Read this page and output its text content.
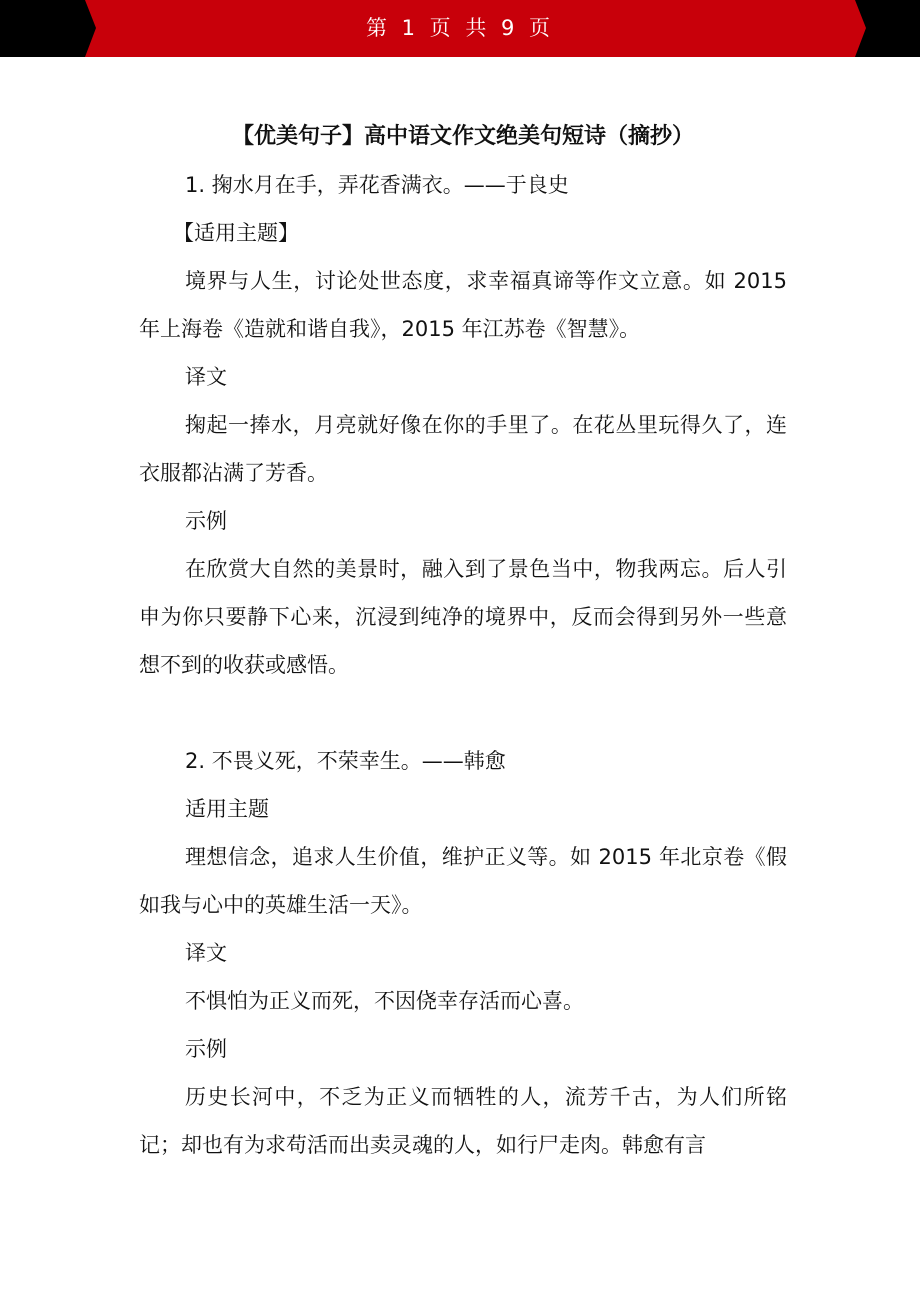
第 1 页 共 9 页

【优美句子】高中语文作文绝美句短诗（摘抄）

1. 掬水月在手，弄花香满衣。——于良史

【适用主题】

境界与人生，讨论处世态度，求幸福真谛等作文立意。如 2015 年上海卷《造就和谐自我》，2015 年江苏卷《智慧》。

译文

掬起一捧水，月亮就好像在你的手里了。在花丛里玩得久了，连衣服都沾满了芳香。

示例

在欣赏大自然的美景时，融入到了景色当中，物我两忘。后人引申为你只要静下心来，沉浸到纯净的境界中，反而会得到另外一些意想不到的收获或感悟。

2. 不畏义死，不荣幸生。——韩愈

适用主题

理想信念，追求人生价值，维护正义等。如 2015 年北京卷《假如我与心中的英雄生活一天》。

译文

不惧怕为正义而死，不因侥幸存活而心喜。

示例

历史长河中，不乏为正义而牺牲的人，流芳千古，为人们所铭记；却也有为求苟活而出卖灵魂的人，如行尸走肉。韩愈有言
